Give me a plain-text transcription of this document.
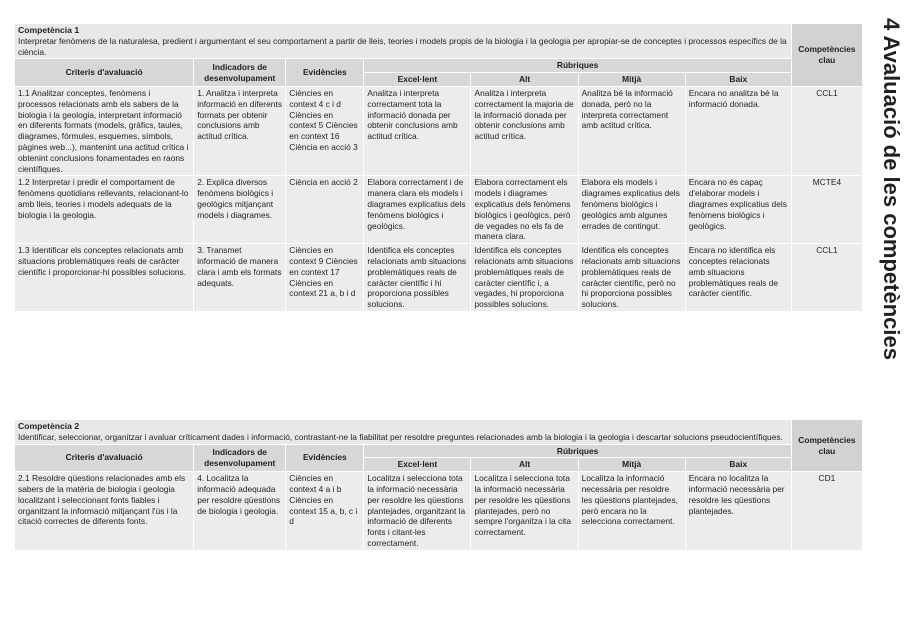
4 Avaluació de les competències
Competència 1
Interpretar fenòmens de la naturalesa, predient i argumentant el seu comportament a partir de lleis, teories i models propis de la biologia i la geologia per apropiar-se de conceptes i processos específics de la ciència.							Competències clau
Criteris d'avaluació	Indicadors de desenvolupament	Evidències	Rúbriques				
			Excel·lent	Alt	Mitjà	Baix	
1.1 Analitzar conceptes, fenòmens i processos relacionats amb els sabers de la biologia i la geologia, interpretant informació en diferents formats (models, gràfics, taules, diagrames, fórmules, esquemes, símbols, pàgines web...), mantenint una actitud crítica i obtenint conclusions fonamentades en raons científiques.	1. Analitza i interpreta informació en diferents formats per obtenir conclusions amb actitud crítica.	Ciències en context 4 c i d Ciències en context 5 Ciències en context 16 Ciència en acció 3	Analitza i interpreta correctament tota la informació donada per obtenir conclusions amb actitud crítica.	Analitza i interpreta correctament la majoria de la informació donada per obtenir conclusions amb actitud crítica.	Analitza bé la informació donada, però no la interpreta correctament amb actitud crítica.	Encara no analitza bé la informació donada.	CCL1
1.2 Interpretar i predir el comportament de fenòmens quotidians rellevants, relacionant-lo amb lleis, teories i models adequats de la biologia i la geologia.	2. Explica diversos fenòmens biològics i geològics mitjançant models i diagrames.	Ciència en acció 2	Elabora correctament i de manera clara els models i diagrames explicatius dels fenòmens biològics i geològics.	Elabora correctament els models i diagrames explicatius dels fenòmens biològics i geològics, però de vegades no els fa de manera clara.	Elabora els models i diagrames explicatius dels fenòmens biològics i geològics amb algunes errades de contingut.	Encara no és capaç d'elaborar models i diagrames explicatius dels fenòmens biològics i geològics.	MCTE4
1.3 Identificar els conceptes relacionats amb situacions problemàtiques reals de caràcter científic i proporcionar-hi possibles solucions.	3. Transmet informació de manera clara i amb els formats adequats.	Ciències en context 9 Ciències en context 17 Ciències en context 21 a, b i d	Identifica els conceptes relacionats amb situacions problemàtiques reals de caràcter científic i hi proporciona possibles solucions.	Identifica els conceptes relacionats amb situacions problemàtiques reals de caràcter científic i, a vegades, hi proporciona possibles solucions.	Identifica els conceptes relacionats amb situacions problemàtiques reals de caràcter científic, però no hi proporciona possibles solucions.	Encara no identifica els conceptes relacionats amb situacions problemàtiques reals de caràcter científic.	CCL1
Competència 2
Identificar, seleccionar, organitzar i avaluar críticament dades i informació, contrastant-ne la fiabilitat per resoldre preguntes relacionades amb la biologia i la geologia i descartar solucions pseudocientífiques.							Competències clau
Criteris d'avaluació	Indicadors de desenvolupament	Evidències	Rúbriques				
			Excel·lent	Alt	Mitjà	Baix	
2.1 Resoldre qüestions relacionades amb els sabers de la matèria de biologia i geologia localitzant i seleccionant fonts fiables i organitzant la informació mitjançant l'ús i la citació correctes de diferents fonts.	4. Localitza la informació adequada per resoldre qüestions de biologia i geologia.	Ciències en context 4 a i b Ciències en context 15 a, b, c i d	Localitza i selecciona tota la informació necessària per resoldre les qüestions plantejades, organitzant la informació de diferents fonts i citant-les correctament.	Localitza i selecciona tota la informació necessària per resoldre les qüestions plantejades, però no sempre l'organitza i la cita correctament.	Localitza la informació necessària per resoldre les qüestions plantejades, però encara no la selecciona correctament.	Encara no localitza la informació necessària per resoldre les qüestions plantejades.	CD1
